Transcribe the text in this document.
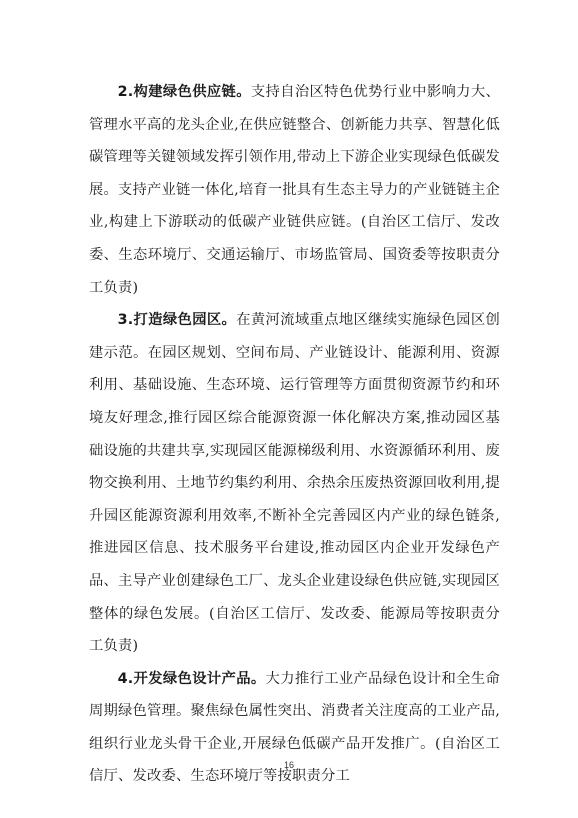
2.构建绿色供应链。支持自治区特色优势行业中影响力大、管理水平高的龙头企业,在供应链整合、创新能力共享、智慧化低碳管理等关键领域发挥引领作用,带动上下游企业实现绿色低碳发展。支持产业链一体化,培育一批具有生态主导力的产业链链主企业,构建上下游联动的低碳产业链供应链。(自治区工信厅、发改委、生态环境厅、交通运输厅、市场监管局、国资委等按职责分工负责)

3.打造绿色园区。在黄河流域重点地区继续实施绿色园区创建示范。在园区规划、空间布局、产业链设计、能源利用、资源利用、基础设施、生态环境、运行管理等方面贯彻资源节约和环境友好理念,推行园区综合能源资源一体化解决方案,推动园区基础设施的共建共享,实现园区能源梯级利用、水资源循环利用、废物交换利用、土地节约集约利用、余热余压废热资源回收利用,提升园区能源资源利用效率,不断补全完善园区内产业的绿色链条,推进园区信息、技术服务平台建设,推动园区内企业开发绿色产品、主导产业创建绿色工厂、龙头企业建设绿色供应链,实现园区整体的绿色发展。(自治区工信厅、发改委、能源局等按职责分工负责)

4.开发绿色设计产品。大力推行工业产品绿色设计和全生命周期绿色管理。聚焦绿色属性突出、消费者关注度高的工业产品,组织行业龙头骨干企业,开展绿色低碳产品开发推广。(自治区工信厅、发改委、生态环境厅等按职责分工

16
